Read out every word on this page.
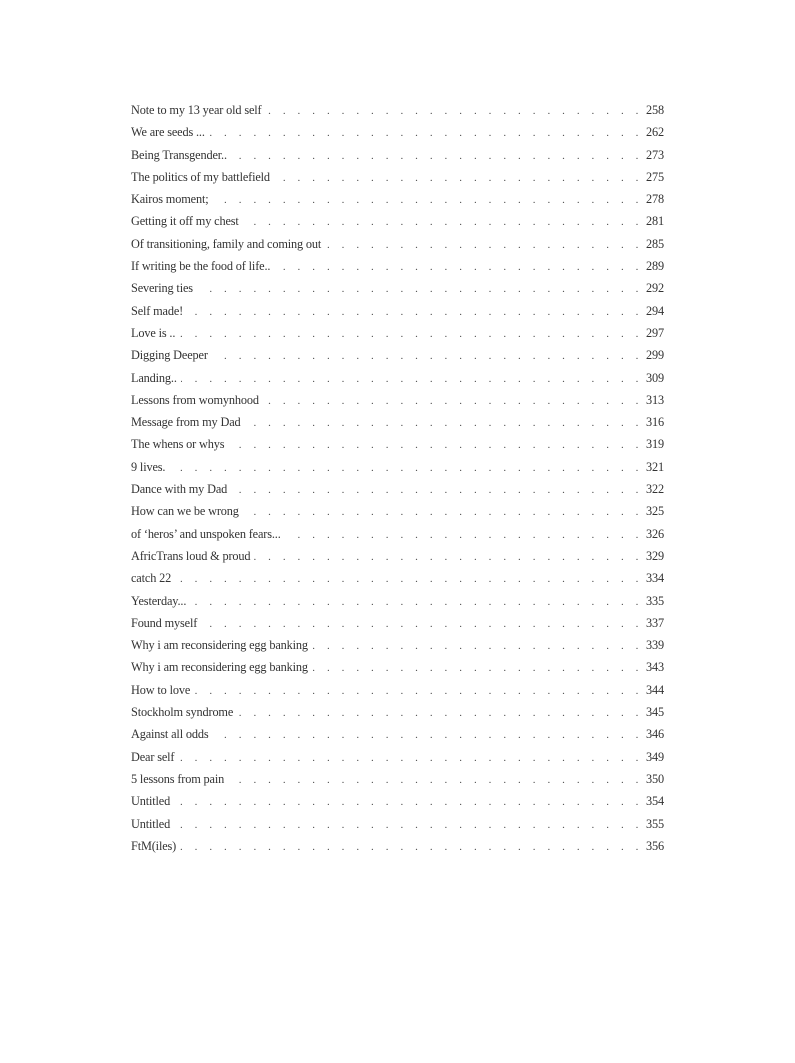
Note to my 13 year old self . . .	258
We are seeds ... . . .	262
Being Transgender.. . . .	273
The politics of my battlefield . . .	275
Kairos moment; . . .	278
Getting it off my chest . . .	281
Of transitioning, family and coming out . . .	285
If writing be the food of life.. . . .	289
Severing ties . . .	292
Self made! . . .	294
Love is .. . . .	297
Digging Deeper . . .	299
Landing.. . . .	309
Lessons from womynhood . . .	313
Message from my Dad . . .	316
The whens or whys . . .	319
9 lives. . . .	321
Dance with my Dad . . .	322
How can we be wrong . . .	325
of ‘heros’ and unspoken fears... . . .	326
AfricTrans loud & proud . . .	329
catch 22 . . .	334
Yesterday... . . .	335
Found myself . . .	337
Why i am reconsidering egg banking . . .	339
Why i am reconsidering egg banking . . .	343
How to love . . .	344
Stockholm syndrome . . .	345
Against all odds . . .	346
Dear self . . .	349
5 lessons from pain . . .	350
Untitled . . .	354
Untitled . . .	355
FtM(iles) . . .	356
